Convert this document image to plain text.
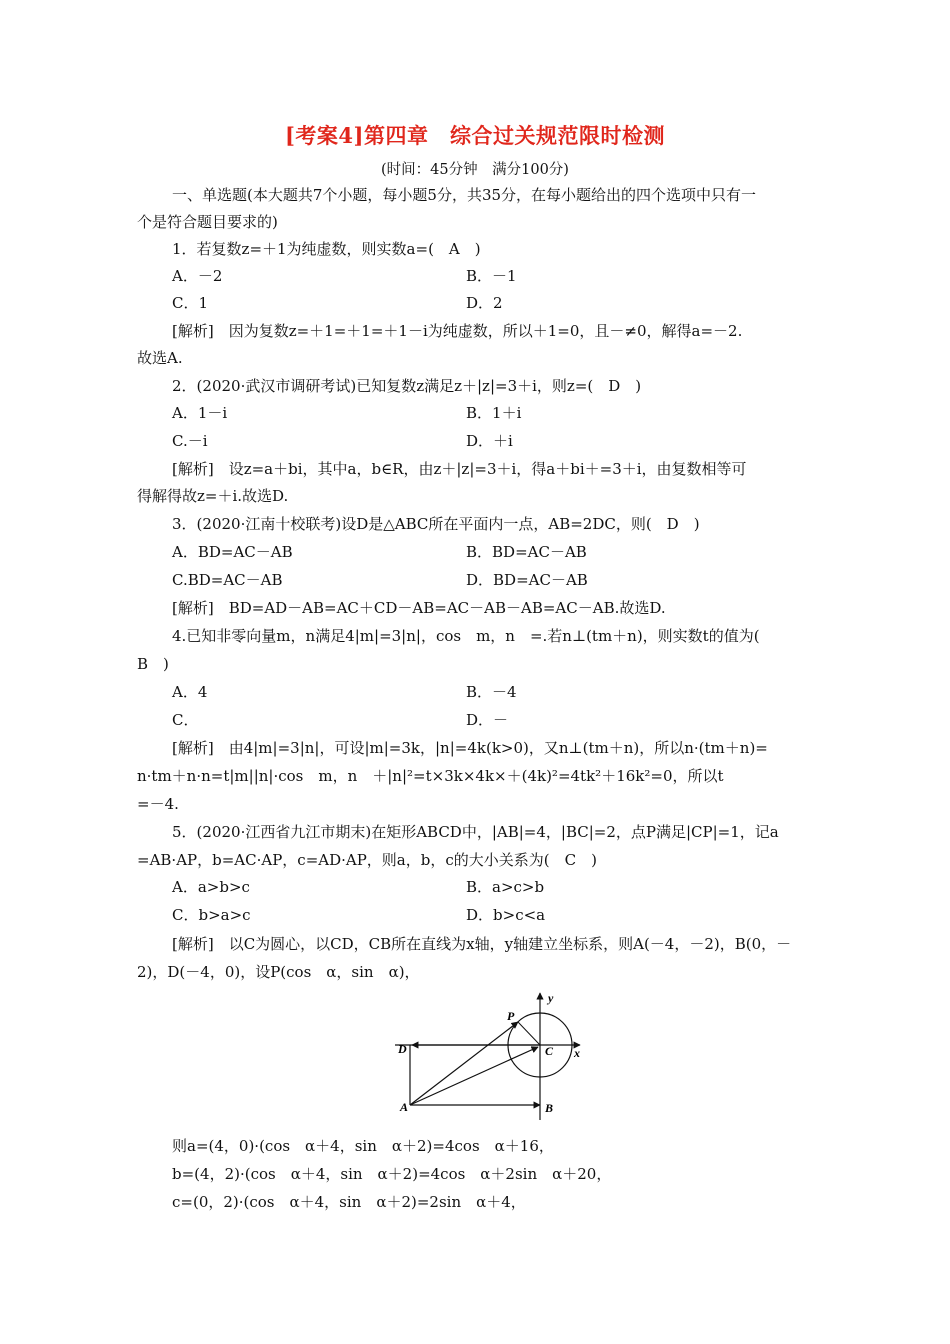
[考案4]第四章　综合过关规范限时检测
(时间：45分钟　满分100分)
一、单选题(本大题共7个小题，每小题5分，共35分，在每小题给出的四个选项中只有一
个是符合题目要求的)
1．若复数z=＋1为纯虚数，则实数a=(　A　)
A．－2	B．－1
C．1	D．2
[解析]　因为复数z=＋1=＋1=＋1－i为纯虚数，所以＋1=0，且－≠0，解得a=－2.
故选A.
2．(2020·武汉市调研考试)已知复数z满足z＋|z|=3＋i，则z=(　D　)
A．1－i	B．1＋i
C.－i	D．＋i
[解析]　设z=a＋bi，其中a，b∈R，由z＋|z|=3＋i，得a＋bi＋=3＋i，由复数相等可
得解得故z=＋i.故选D.
3．(2020·江南十校联考)设D是△ABC所在平面内一点，AB=2DC，则(　D　)
A．BD=AC－AB	B．BD=AC－AB
C.BD=AC－AB	D．BD=AC－AB
[解析]　BD=AD－AB=AC＋CD－AB=AC－AB－AB=AC－AB.故选D.
4.已知非零向量m，n满足4|m|=3|n|，cos　m，n　=.若n⊥(tm＋n)，则实数t的值为(
B　)
A．4	B．－4
C．	D．－
[解析]　由4|m|=3|n|，可设|m|=3k，|n|=4k(k>0)，又n⊥(tm＋n)，所以n·(tm＋n)=
n·tm＋n·n=t|m||n|·cos　m，n　＋|n|²=t×3k×4k×＋(4k)²=4tk²＋16k²=0，所以t
=－4.
5．(2020·江西省九江市期末)在矩形ABCD中，|AB|=4，|BC|=2，点P满足|CP|=1，记a
=AB·AP，b=AC·AP，c=AD·AP，则a，b，c的大小关系为(　C　)
A．a>b>c	B．a>c>b
C．b>a>c	D．b>c<a
[解析]　以C为圆心，以CD，CB所在直线为x轴，y轴建立坐标系，则A(－4，－2)，B(0，－
2)，D(－4，0)，设P(cos　α，sin　α)，
y
x
P
D	C
A	B
则a=(4，0)·(cos　α＋4，sin　α＋2)=4cos　α＋16，
b=(4，2)·(cos　α＋4，sin　α＋2)=4cos　α＋2sin　α＋20，
c=(0，2)·(cos　α＋4，sin　α＋2)=2sin　α＋4，
